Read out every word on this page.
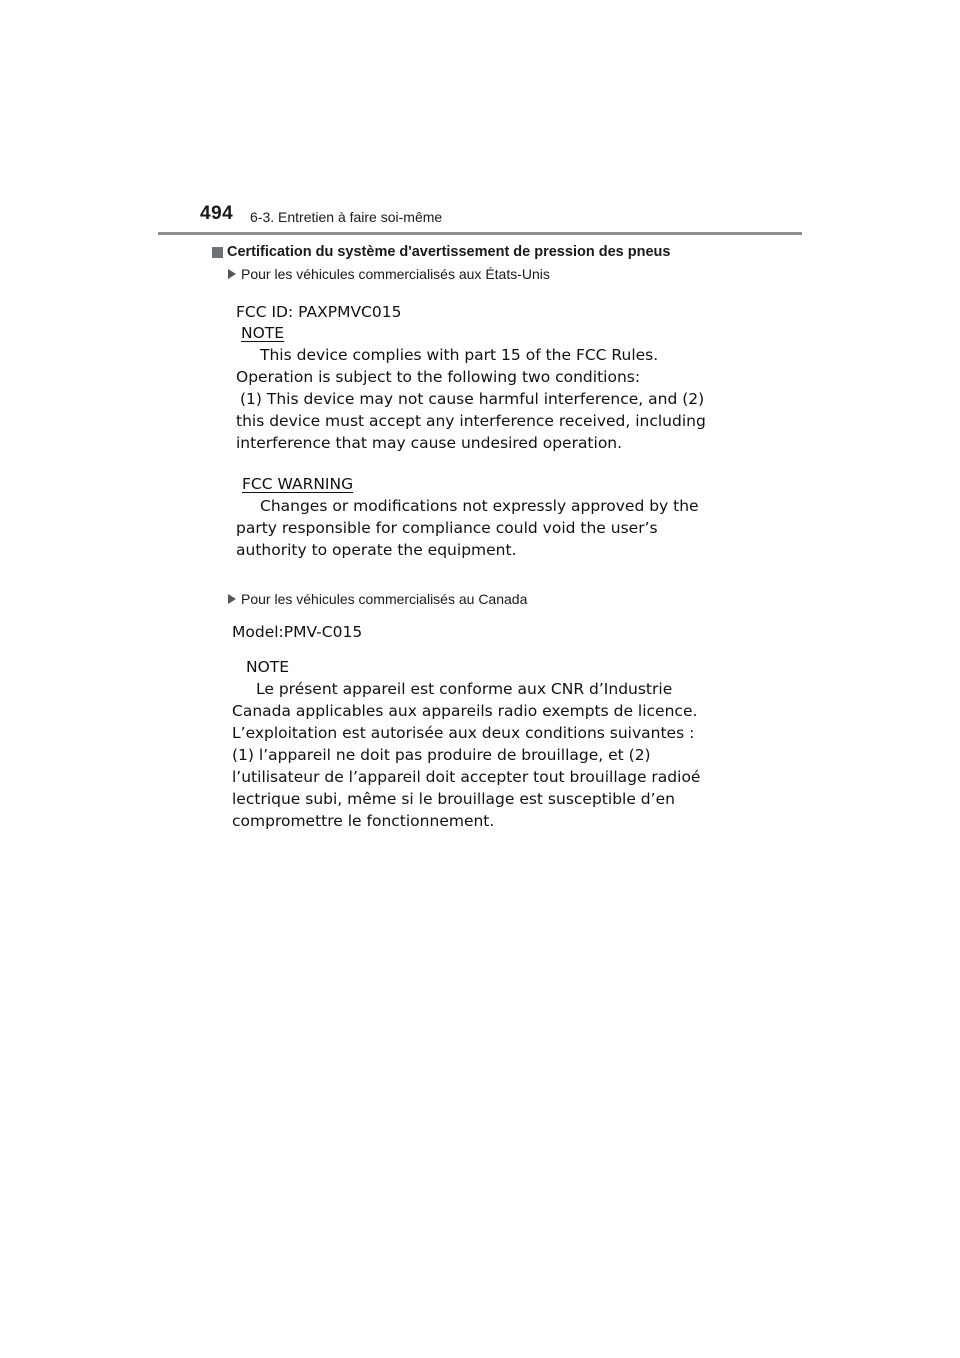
494 6-3. Entretien à faire soi-même
Certification du système d'avertissement de pression des pneus
Pour les véhicules commercialisés aux États-Unis
FCC ID: PAXPMVC015
NOTE
This device complies with part 15 of the FCC Rules.
Operation is subject to the following two conditions:
(1) This device may not cause harmful interference, and (2)
this device must accept any interference received, including
interference that may cause undesired operation.
FCC WARNING
Changes or modifications not expressly approved by the
party responsible for compliance could void the user’s
authority to operate the equipment.
Pour les véhicules commercialisés au Canada
Model:PMV-C015
NOTE
Le présent appareil est conforme aux CNR d’Industrie
Canada applicables aux appareils radio exempts de licence.
L’exploitation est autorisée aux deux conditions suivantes :
(1) l’appareil ne doit pas produire de brouillage, et (2)
l’utilisateur de l’appareil doit accepter tout brouillage radioé
lectrique subi, même si le brouillage est susceptible d’en
compromettre le fonctionnement.
